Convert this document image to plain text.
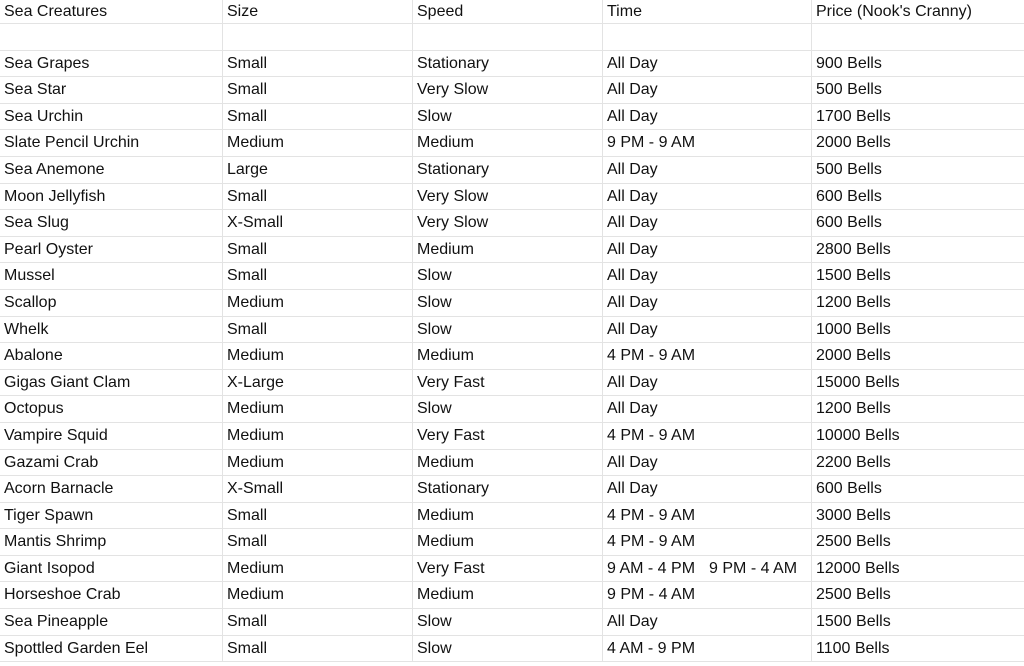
Sea Creatures	Size	Speed	Time	Price (Nook's Cranny)
Sea Grapes	Small	Stationary	All Day	900 Bells
Sea Star	Small	Very Slow	All Day	500 Bells
Sea Urchin	Small	Slow	All Day	1700 Bells
Slate Pencil Urchin	Medium	Medium	9 PM - 9 AM	2000 Bells
Sea Anemone	Large	Stationary	All Day	500 Bells
Moon Jellyfish	Small	Very Slow	All Day	600 Bells
Sea Slug	X-Small	Very Slow	All Day	600 Bells
Pearl Oyster	Small	Medium	All Day	2800 Bells
Mussel	Small	Slow	All Day	1500 Bells
Scallop	Medium	Slow	All Day	1200 Bells
Whelk	Small	Slow	All Day	1000 Bells
Abalone	Medium	Medium	4 PM - 9 AM	2000 Bells
Gigas Giant Clam	X-Large	Very Fast	All Day	15000 Bells
Octopus	Medium	Slow	All Day	1200 Bells
Vampire Squid	Medium	Very Fast	4 PM - 9 AM	10000 Bells
Gazami Crab	Medium	Medium	All Day	2200 Bells
Acorn Barnacle	X-Small	Stationary	All Day	600 Bells
Tiger Spawn	Small	Medium	4 PM - 9 AM	3000 Bells
Mantis Shrimp	Small	Medium	4 PM - 9 AM	2500 Bells
Giant Isopod	Medium	Very Fast	9 AM - 4 PM 9 PM - 4 AM	12000 Bells
Horseshoe Crab	Medium	Medium	9 PM - 4 AM	2500 Bells
Sea Pineapple	Small	Slow	All Day	1500 Bells
Spottled Garden Eel	Small	Slow	4 AM - 9 PM	1100 Bells
